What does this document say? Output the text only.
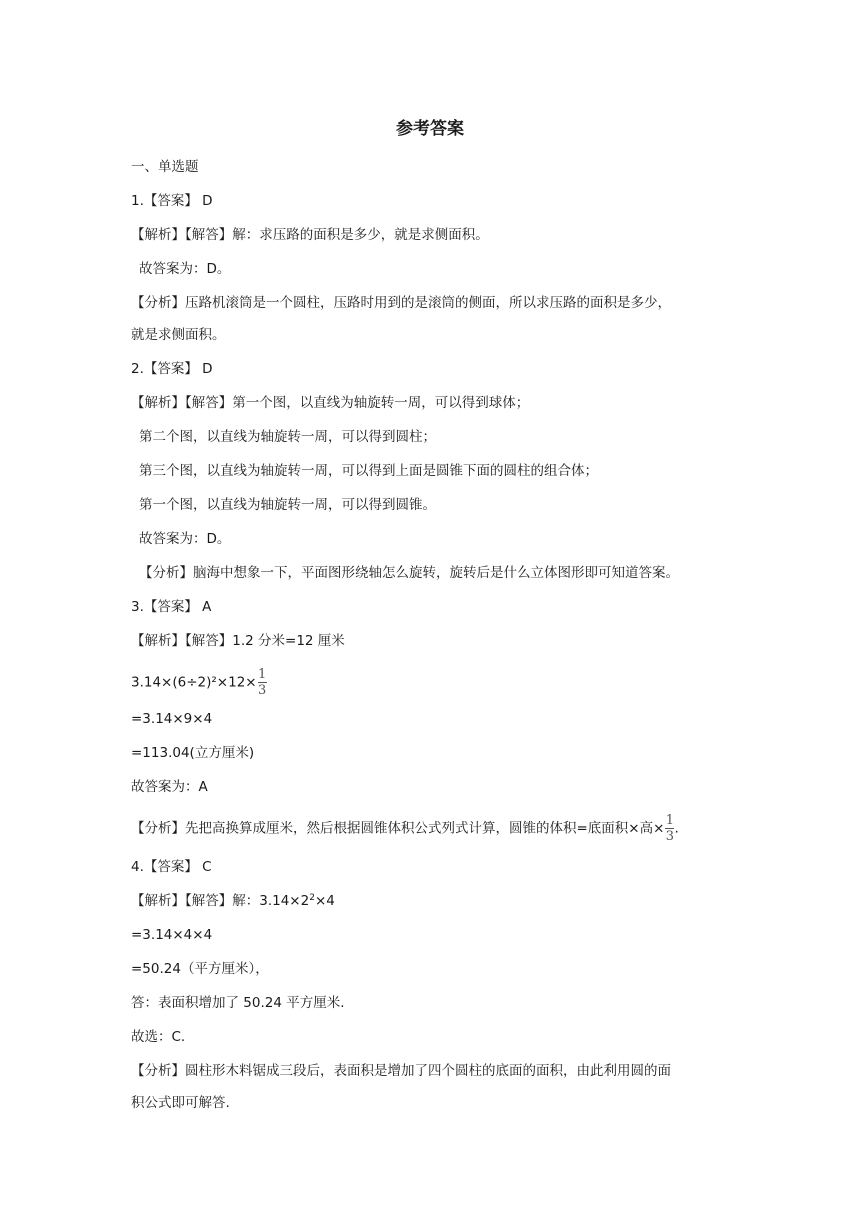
参考答案
一、单选题
1.【答案】 D
【解析】【解答】解：求压路的面积是多少，就是求侧面积。
故答案为：D。
【分析】压路机滚筒是一个圆柱，压路时用到的是滚筒的侧面，所以求压路的面积是多少，
就是求侧面积。
2.【答案】 D
【解析】【解答】第一个图，以直线为轴旋转一周，可以得到球体；
第二个图，以直线为轴旋转一周，可以得到圆柱；
第三个图，以直线为轴旋转一周，可以得到上面是圆锥下面的圆柱的组合体；
第一个图，以直线为轴旋转一周，可以得到圆锥。
故答案为：D。
【分析】脑海中想象一下，平面图形绕轴怎么旋转，旋转后是什么立体图形即可知道答案。
3.【答案】 A
【解析】【解答】1.2 分米=12 厘米
$3.14\times(6\div 2)^2\times 12\times \frac{1}{3}$
=3.14×9×4
=113.04(立方厘米)
故答案为：A
【分析】先把高换算成厘米，然后根据圆锥体积公式列式计算，圆锥的体积=底面积×高× $\frac{1}{3}$ .
4.【答案】 C
【解析】【解答】解：$3.14\times 2^2\times 4$
=3.14×4×4
=50.24（平方厘米），
答：表面积增加了 50.24 平方厘米.
故选：C.
【分析】圆柱形木料锯成三段后，表面积是增加了四个圆柱的底面的面积，由此利用圆的面
积公式即可解答.
